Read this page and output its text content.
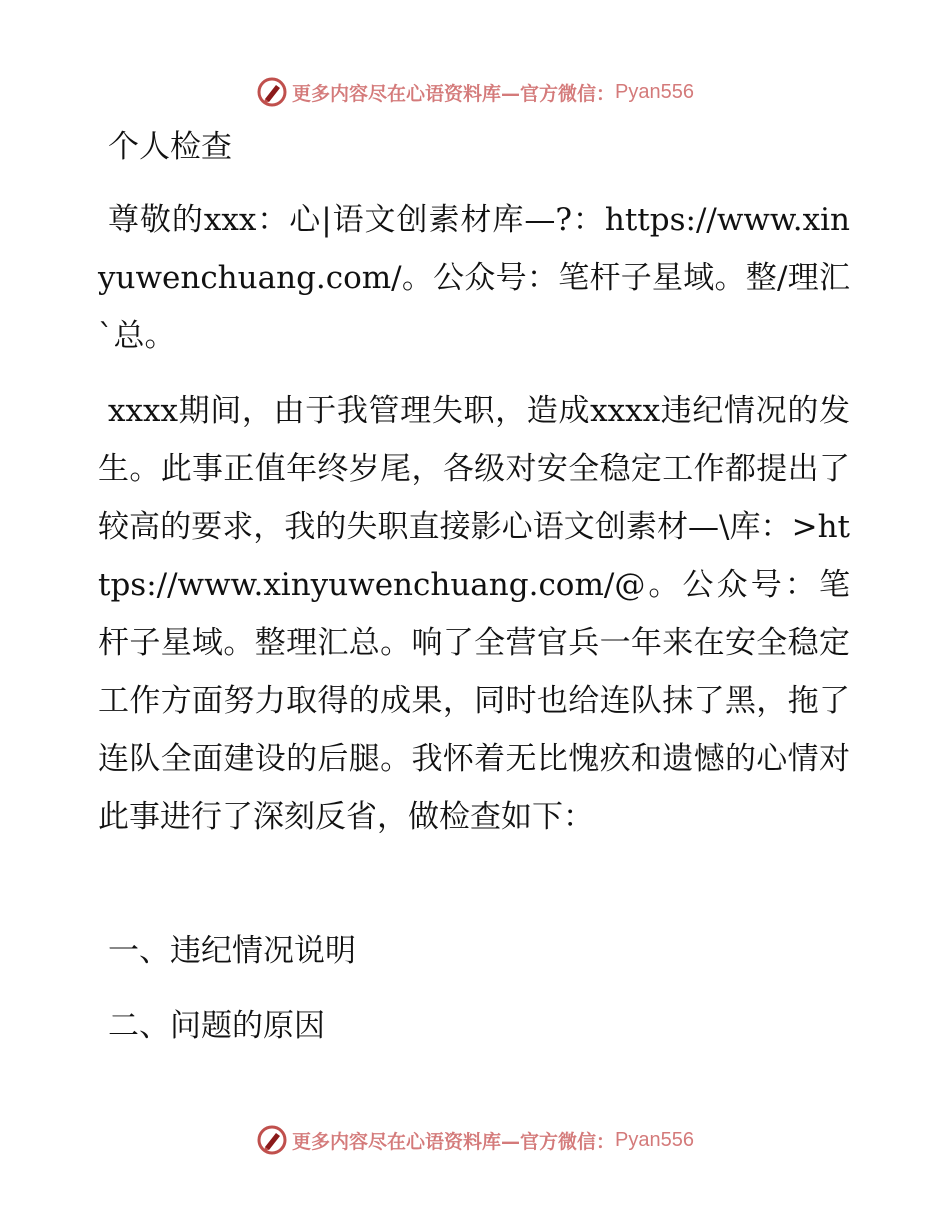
更多内容尽在心语资料库—官方微信： Pyan556
个人检查

尊敬的xxx：心|语文创素材库—?：https://www.xinyuwenchuang.com/。公众号：笔杆子星域。整/理汇`总。

xxxx期间，由于我管理失职，造成xxxx违纪情况的发生。此事正值年终岁尾，各级对安全稳定工作都提出了较高的要求，我的失职直接影心语文创素材—\库：>https://www.xinyuwenchuang.com/@。公众号：笔杆子星域。整理汇总。响了全营官兵一年来在安全稳定工作方面努力取得的成果，同时也给连队抹了黑，拖了连队全面建设的后腿。我怀着无比愧疚和遗憾的心情对此事进行了深刻反省，做检查如下：

一、违纪情况说明

二、问题的原因

更多内容尽在心语资料库—官方微信： Pyan556
